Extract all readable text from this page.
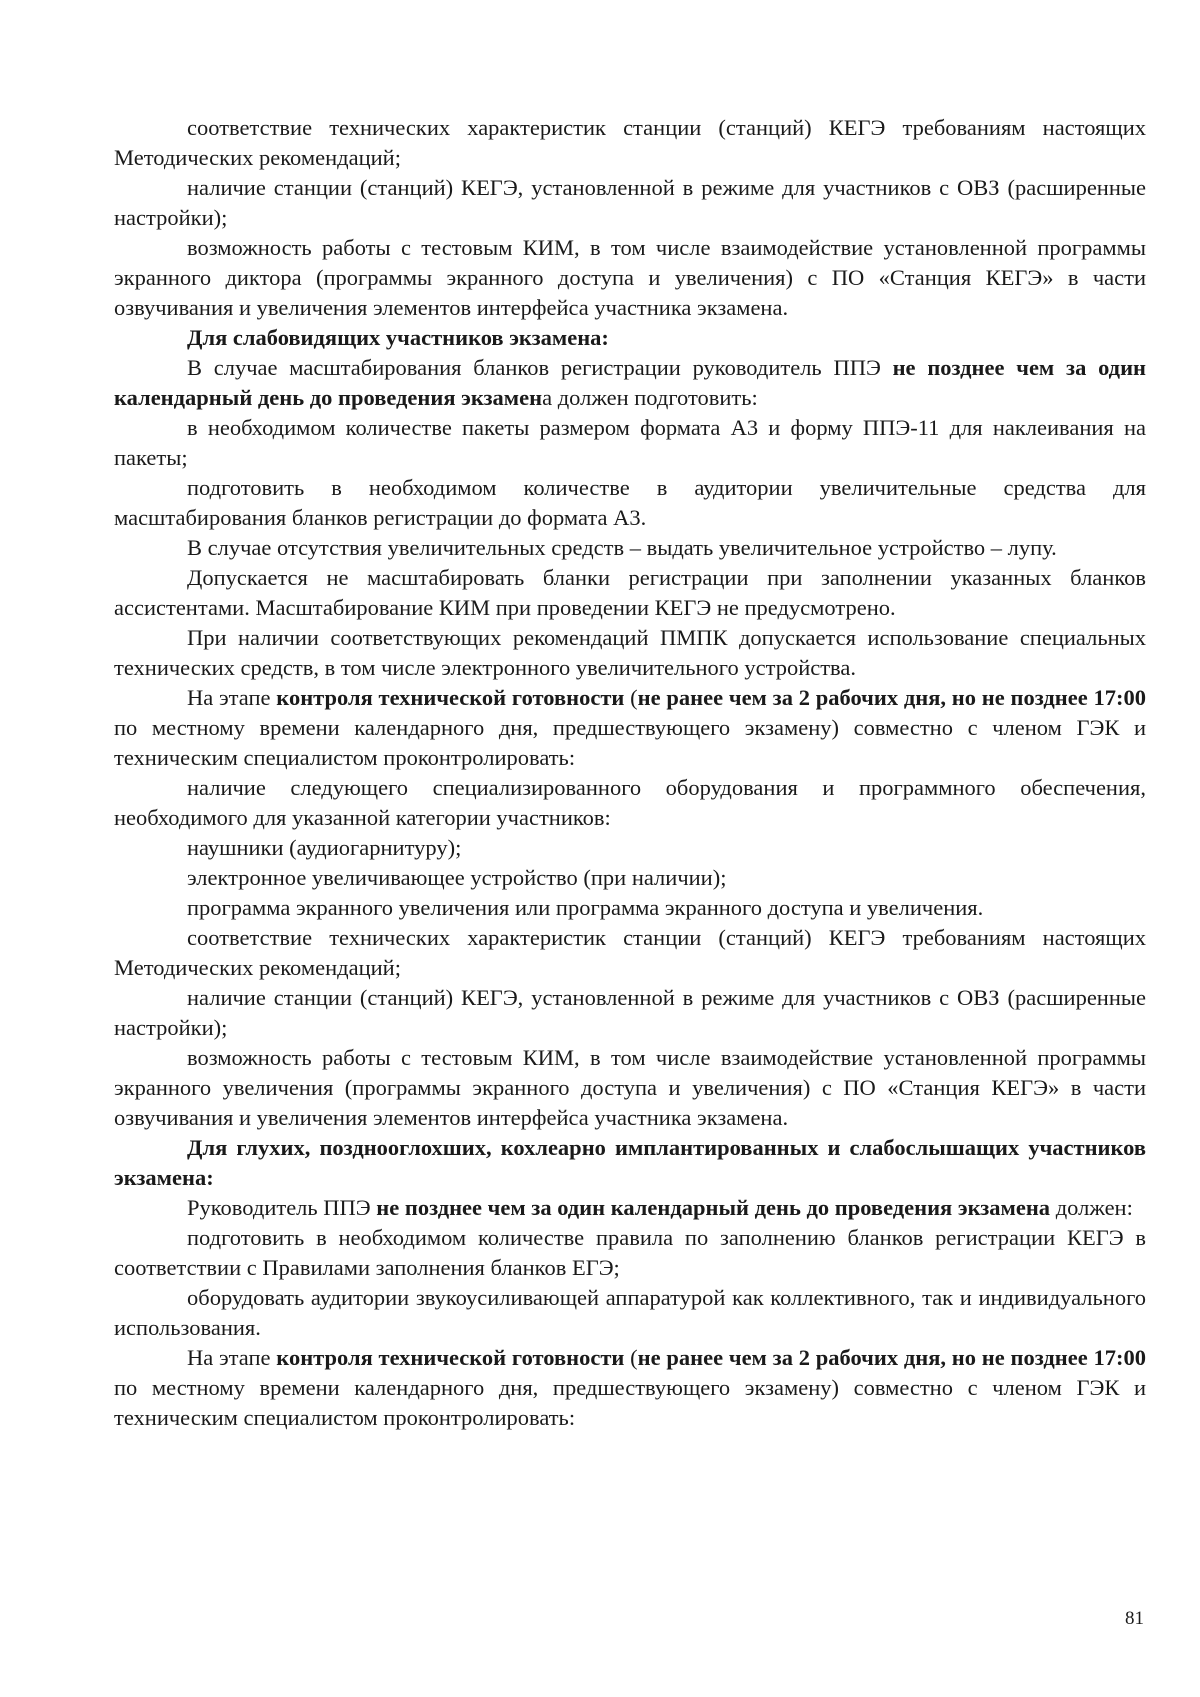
соответствие технических характеристик станции (станций) КЕГЭ требованиям настоящих Методических рекомендаций;

наличие станции (станций) КЕГЭ, установленной в режиме для участников с ОВЗ (расширенные настройки);

возможность работы с тестовым КИМ, в том числе взаимодействие установленной программы экранного диктора (программы экранного доступа и увеличения) с ПО «Станция КЕГЭ» в части озвучивания и увеличения элементов интерфейса участника экзамена.

Для слабовидящих участников экзамена:

В случае масштабирования бланков регистрации руководитель ППЭ не позднее чем за один календарный день до проведения экзамена должен подготовить:

в необходимом количестве пакеты размером формата А3 и форму ППЭ-11 для наклеивания на пакеты;

подготовить в необходимом количестве в аудитории увеличительные средства для масштабирования бланков регистрации до формата А3.

В случае отсутствия увеличительных средств – выдать увеличительное устройство – лупу.

Допускается не масштабировать бланки регистрации при заполнении указанных бланков ассистентами. Масштабирование КИМ при проведении КЕГЭ не предусмотрено.

При наличии соответствующих рекомендаций ПМПК допускается использование специальных технических средств, в том числе электронного увеличительного устройства.

На этапе контроля технической готовности (не ранее чем за 2 рабочих дня, но не позднее 17:00 по местному времени календарного дня, предшествующего экзамену) совместно с членом ГЭК и техническим специалистом проконтролировать:

наличие следующего специализированного оборудования и программного обеспечения, необходимого для указанной категории участников:

наушники (аудиогарнитуру);

электронное увеличивающее устройство (при наличии);

программа экранного увеличения или программа экранного доступа и увеличения.

соответствие технических характеристик станции (станций) КЕГЭ требованиям настоящих Методических рекомендаций;

наличие станции (станций) КЕГЭ, установленной в режиме для участников с ОВЗ (расширенные настройки);

возможность работы с тестовым КИМ, в том числе взаимодействие установленной программы экранного увеличения (программы экранного доступа и увеличения) с ПО «Станция КЕГЭ» в части озвучивания и увеличения элементов интерфейса участника экзамена.

Для глухих, позднооглохших, кохлеарно имплантированных и слабослышащих участников экзамена:

Руководитель ППЭ не позднее чем за один календарный день до проведения экзамена должен:

подготовить в необходимом количестве правила по заполнению бланков регистрации КЕГЭ в соответствии с Правилами заполнения бланков ЕГЭ;

оборудовать аудитории звукоусиливающей аппаратурой как коллективного, так и индивидуального использования.

На этапе контроля технической готовности (не ранее чем за 2 рабочих дня, но не позднее 17:00 по местному времени календарного дня, предшествующего экзамену) совместно с членом ГЭК и техническим специалистом проконтролировать:

81
